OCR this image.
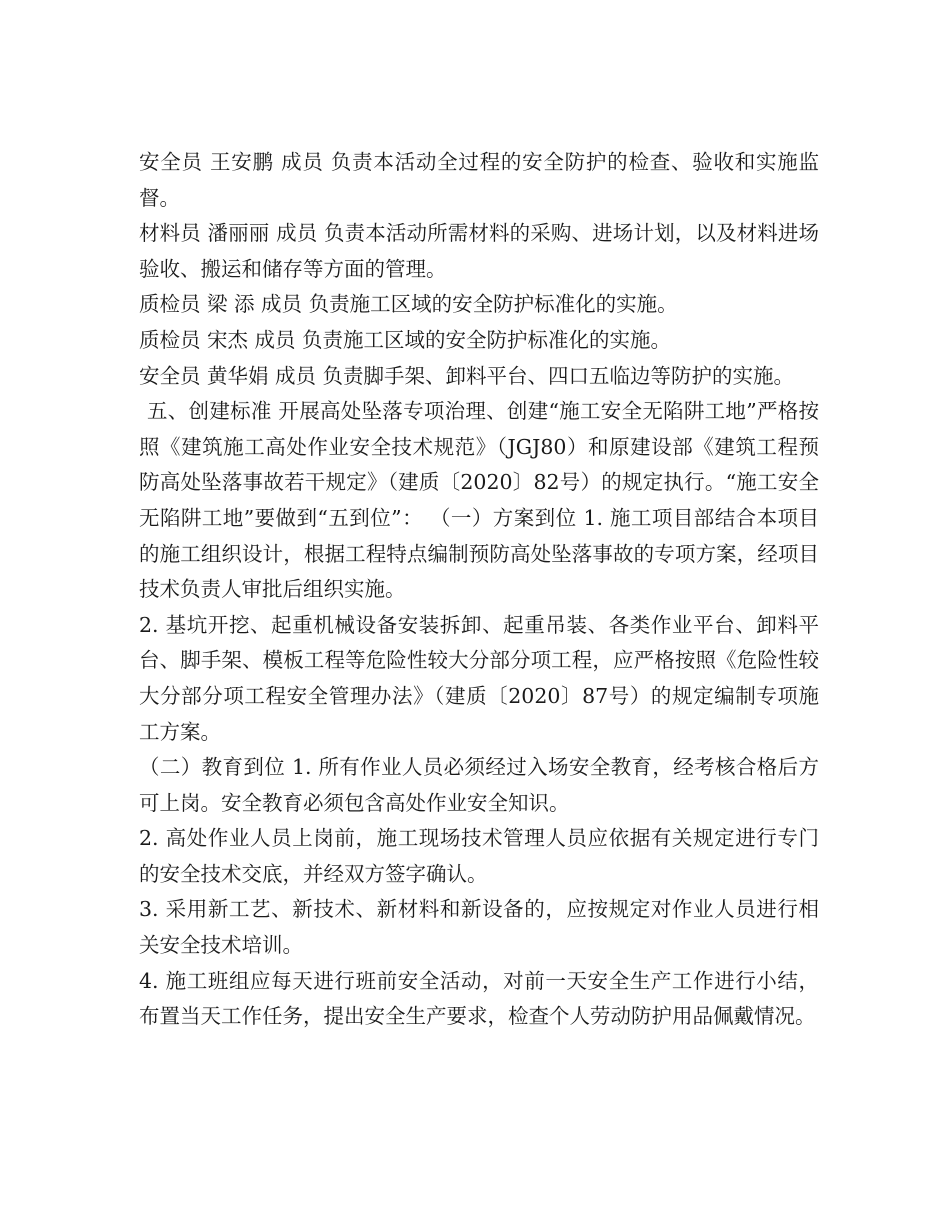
安全员 王安鹏 成员 负责本活动全过程的安全防护的检查、验收和实施监督。

材料员 潘丽丽 成员 负责本活动所需材料的采购、进场计划，以及材料进场验收、搬运和储存等方面的管理。

质检员 梁 添 成员 负责施工区域的安全防护标准化的实施。

质检员 宋杰 成员 负责施工区域的安全防护标准化的实施。

安全员 黄华娟 成员 负责脚手架、卸料平台、四口五临边等防护的实施。

五、创建标准 开展高处坠落专项治理、创建“施工安全无陷阱工地”严格按照《建筑施工高处作业安全技术规范》（JGJ80）和原建设部《建筑工程预防高处坠落事故若干规定》（建质〔2020〕82号）的规定执行。“施工安全无陷阱工地”要做到“五到位”： （一）方案到位 1. 施工项目部结合本项目的施工组织设计，根据工程特点编制预防高处坠落事故的专项方案，经项目技术负责人审批后组织实施。

2. 基坑开挖、起重机械设备安装拆卸、起重吊装、各类作业平台、卸料平台、脚手架、模板工程等危险性较大分部分项工程，应严格按照《危险性较大分部分项工程安全管理办法》（建质〔2020〕87号）的规定编制专项施工方案。

（二）教育到位 1. 所有作业人员必须经过入场安全教育，经考核合格后方可上岗。安全教育必须包含高处作业安全知识。

2. 高处作业人员上岗前，施工现场技术管理人员应依据有关规定进行专门的安全技术交底，并经双方签字确认。

3. 采用新工艺、新技术、新材料和新设备的，应按规定对作业人员进行相关安全技术培训。

4. 施工班组应每天进行班前安全活动，对前一天安全生产工作进行小结，布置当天工作任务，提出安全生产要求，检查个人劳动防护用品佩戴情况。
